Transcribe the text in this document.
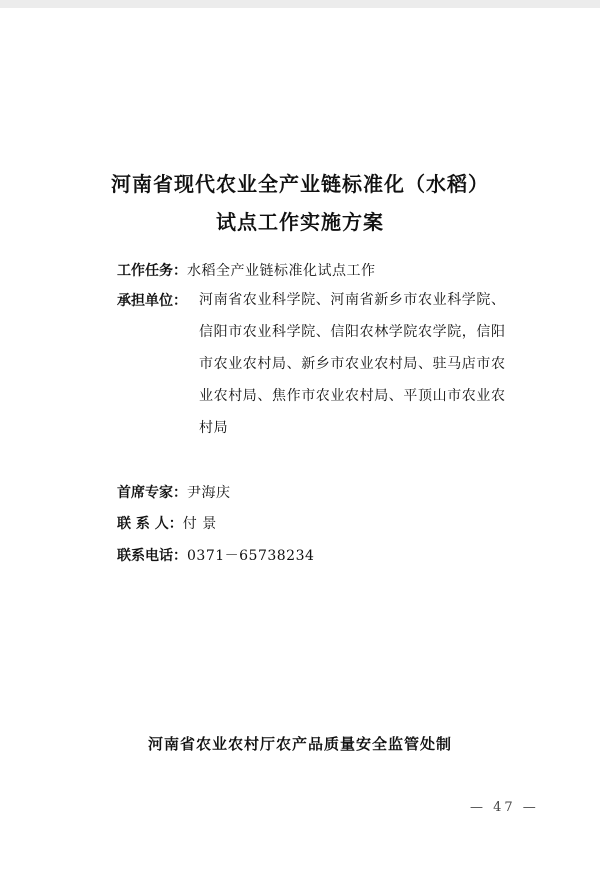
河南省现代农业全产业链标准化（水稻）
试点工作实施方案
工作任务：水稻全产业链标准化试点工作
承担单位： 河南省农业科学院、河南省新乡市农业科学院、
信阳市农业科学院、信阳农林学院农学院，信阳
市农业农村局、新乡市农业农村局、驻马店市农
业农村局、焦作市农业农村局、平顶山市农业农
村局
首席专家：尹海庆
联 系 人：付 景
联系电话：0371－65738234
河南省农业农村厅农产品质量安全监管处制
— 47 —
